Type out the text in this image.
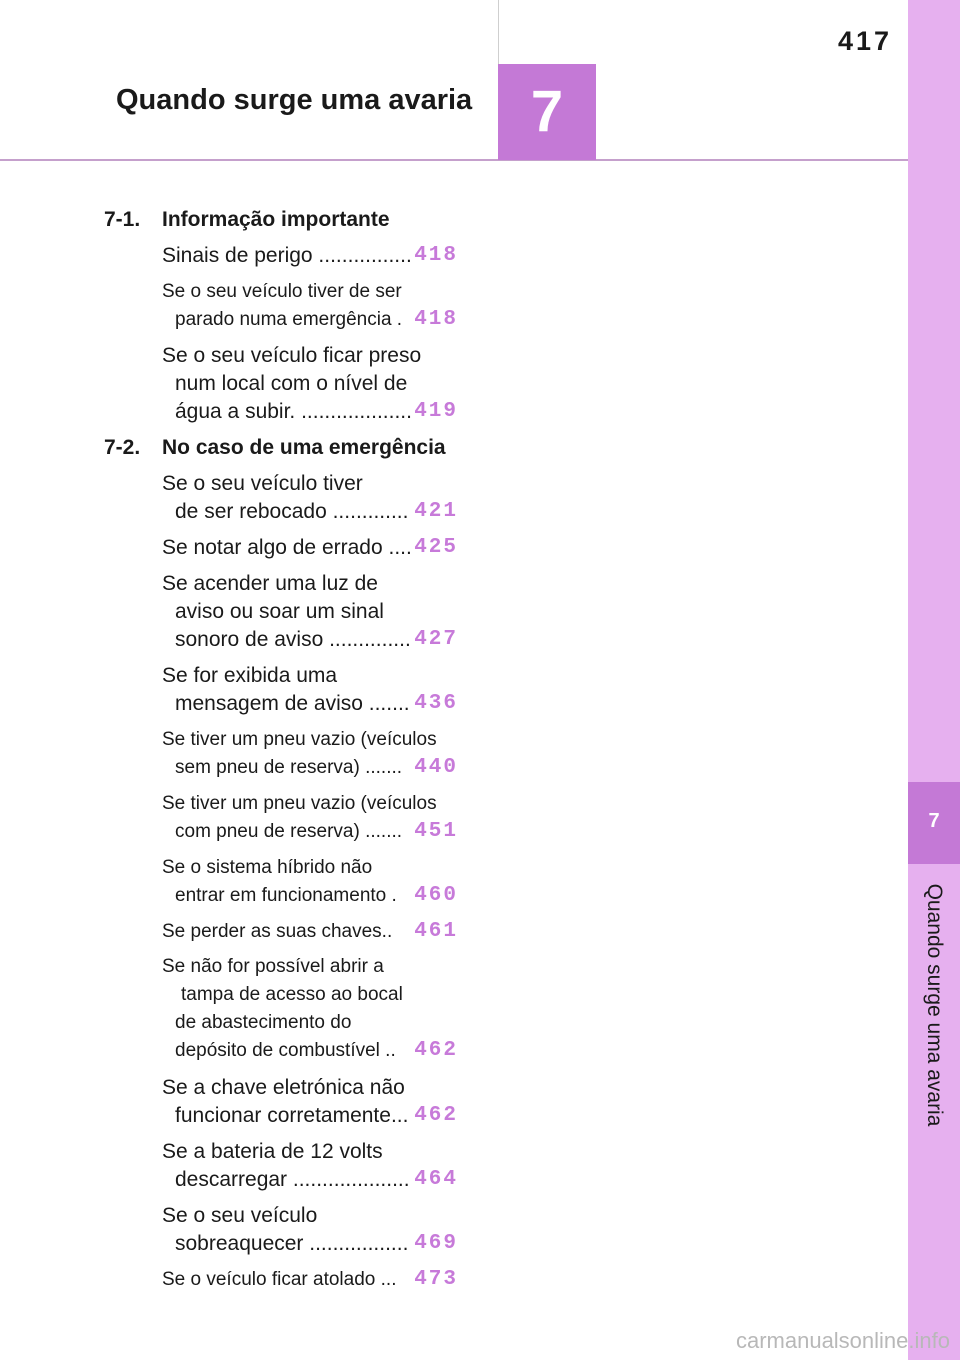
7
Quando surge uma avaria
7
417
Quando surge uma avaria
7-1. Informação importante
Sinais de perigo ................ 418
Se o seu veículo tiver de ser
parado numa emergência . 418
Se o seu veículo ficar preso
num local com o nível de
água a subir. ................... 419
7-2. No caso de uma emergência
Se o seu veículo tiver
de ser rebocado ............. 421
Se notar algo de errado .... 425
Se acender uma luz de
aviso ou soar um sinal
sonoro de aviso .............. 427
Se for exibida uma
mensagem de aviso ....... 436
Se tiver um pneu vazio (veículos
sem pneu de reserva) ....... 440
Se tiver um pneu vazio (veículos
com pneu de reserva) ....... 451
Se o sistema híbrido não
entrar em funcionamento . 460
Se perder as suas chaves.. 461
Se não for possível abrir a
tampa de acesso ao bocal
de abastecimento do
depósito de combustível .. 462
Se a chave eletrónica não
funcionar corretamente... 462
Se a bateria de 12 volts
descarregar .................... 464
Se o seu veículo
sobreaquecer ................. 469
Se o veículo ficar atolado ... 473
carmanualsonline.info
